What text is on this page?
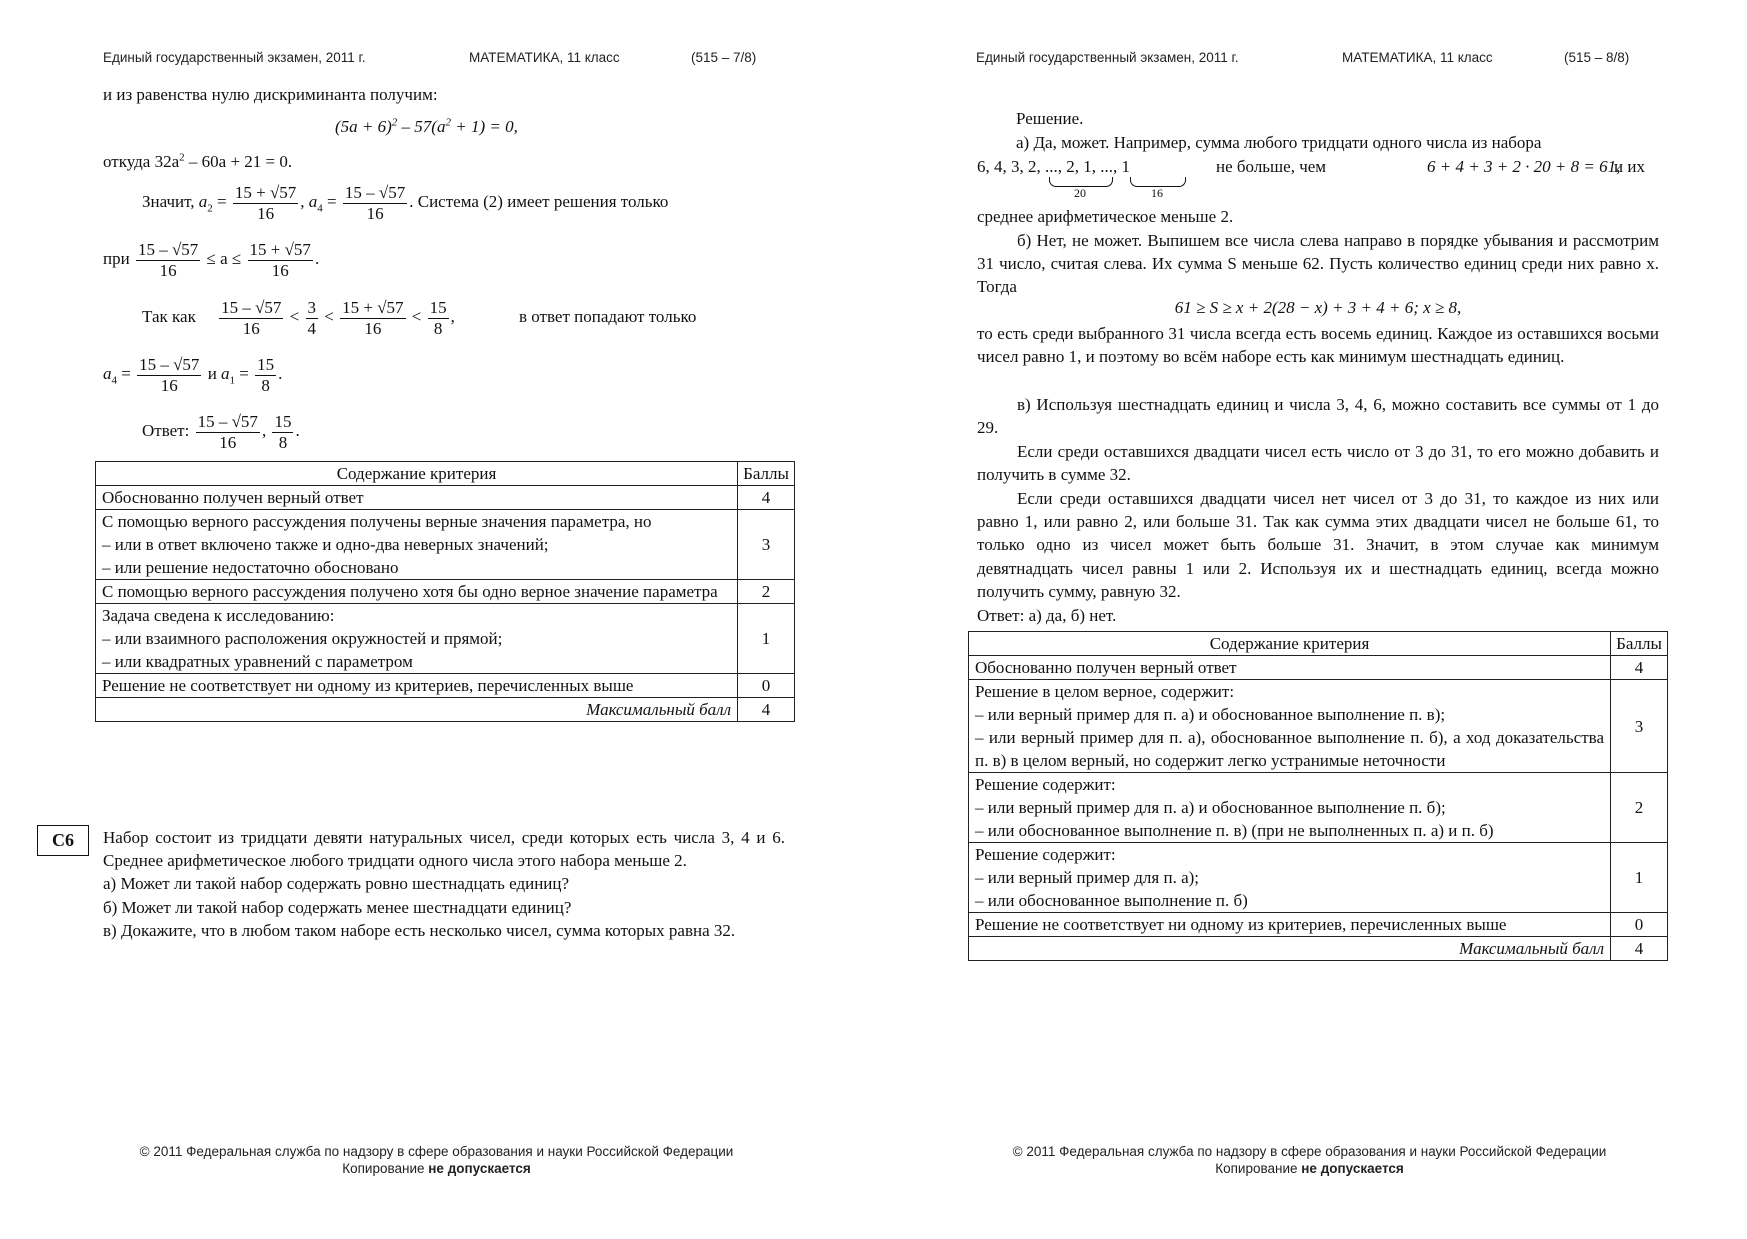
Единый государственный экзамен, 2011 г.	МАТЕМАТИКА, 11 класс	(515 – 7/8)
и из равенства нулю дискриминанта получим:
$(5a + 6)^2 - 57(a^2 + 1) = 0$,
откуда $32a^2 - 60a + 21 = 0$.
Значит, $a_2 = \frac{15 + √57}{16}$ , $a_4 = \frac{15 - √57}{16}$ . Система (2) имеет решения только
при $\frac{15 - √57}{16} \le a \le \frac{15 + √57}{16}$ .
Так как $\frac{15 - √57}{16} < \frac{3}{4} < \frac{15 + √57}{16} < \frac{15}{8}$ ,	в ответ попадают только
$a_4 = \frac{15 - √57}{16}$ и $a_1 = \frac{15}{8}$ .
Ответ: $\frac{15 - √57}{16}$ , $\frac{15}{8}$ .
Содержание критерия	Баллы
Обоснованно получен верный ответ	4

С помощью верного рассуждения получены верные значения параметра, но
– или в ответ включено также и одно-два неверных значений;
– или решение недостаточно обосновано	3
С помощью верного рассуждения получено хотя бы одно верное значение параметра	2

Задача сведена к исследованию:
– или взаимного расположения окружностей и прямой;
– или квадратных уравнений с параметром	1
Решение не соответствует ни одному из критериев, перечисленных выше	0
Максимальный балл	4
C6	Набор состоит из тридцати девяти натуральных чисел, среди которых есть числа 3, 4 и 6. Среднее арифметическое любого тридцати одного числа этого набора меньше 2.
а) Может ли такой набор содержать ровно шестнадцать единиц?
б) Может ли такой набор содержать менее шестнадцати единиц?
в) Докажите, что в любом таком наборе есть несколько чисел, сумма которых равна 32.
© 2011 Федеральная служба по надзору в сфере образования и науки Российской Федерации
Копирование не допускается
Единый государственный экзамен, 2011 г.	МАТЕМАТИКА, 11 класс	(515 – 8/8)
Решение.
а) Да, может. Например, сумма любого тридцати одного числа из набора
6, 4, 3, 2, ..., 2, 1, ..., 1
20	16
не больше, чем	6 + 4 + 3 + 2 · 20 + 8 = 61,
и их
среднее арифметическое меньше 2.
б) Нет, не может. Выпишем все числа слева направо в порядке убывания и рассмотрим 31 число, считая слева. Их сумма S меньше 62. Пусть количество единиц среди них равно x. Тогда
61 ≥ S ≥ x + 2(28 − x) + 3 + 4 + 6; x ≥ 8,
то есть среди выбранного 31 числа всегда есть восемь единиц. Каждое из оставшихся восьми чисел равно 1, и поэтому во всём наборе есть как минимум шестнадцать единиц.
в) Используя шестнадцать единиц и числа 3, 4, 6, можно составить все суммы от 1 до 29.
Если среди оставшихся двадцати чисел есть число от 3 до 31, то его можно добавить и получить в сумме 32.
Если среди оставшихся двадцати чисел нет чисел от 3 до 31, то каждое из них или равно 1, или равно 2, или больше 31. Так как сумма этих двадцати чисел не больше 61, то только одно из чисел может быть больше 31. Значит, в этом случае как минимум девятнадцать чисел равны 1 или 2. Используя их и шестнадцать единиц, всегда можно получить сумму, равную 32.
Ответ: а) да, б) нет.
Содержание критерия	Баллы
Обоснованно получен верный ответ	4

Решение в целом верное, содержит:
– или верный пример для п. а) и обоснованное выполнение п. в);
– или верный пример для п. а), обоснованное выполнение п. б), а ход доказательства п. в) в целом верный, но содержит легко устранимые неточности	3

Решение содержит:
– или верный пример для п. а) и обоснованное выполнение п. б);
– или обоснованное выполнение п. в) (при не выполненных п. а) и п. б)	2

Решение содержит:
– или верный пример для п. а);
– или обоснованное выполнение п. б)	1
Решение не соответствует ни одному из критериев, перечисленных выше	0
Максимальный балл	4
© 2011 Федеральная служба по надзору в сфере образования и науки Российской Федерации
Копирование не допускается
